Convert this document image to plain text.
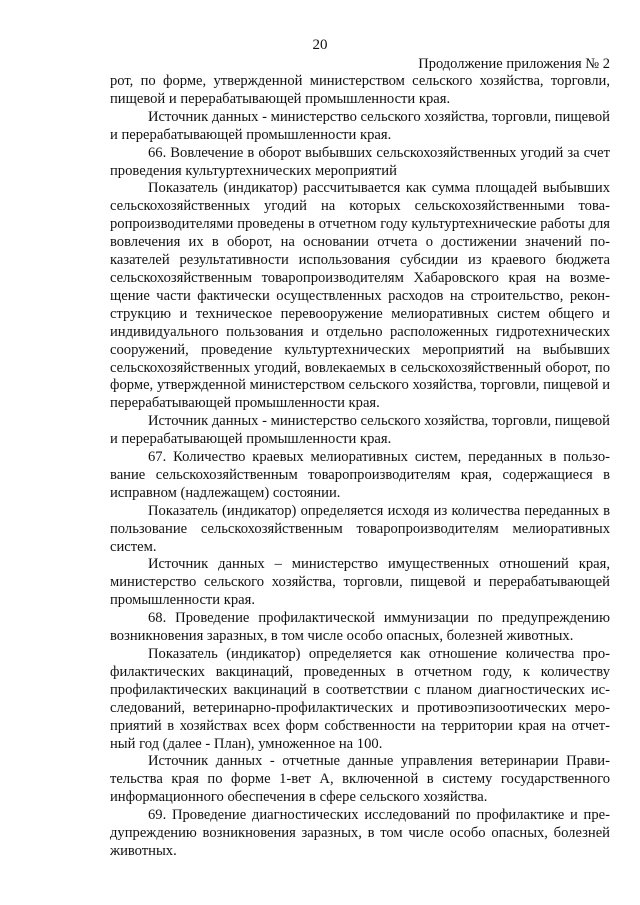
20
Продолжение приложения № 2

рот, по форме, утвержденной министерством сельского хозяйства, торговли, пищевой и перерабатывающей промышленности края.

Источник данных - министерство сельского хозяйства, торговли, пищевой и перерабатывающей промышленности края.

66. Вовлечение в оборот выбывших сельскохозяйственных угодий за счет проведения культуртехнических мероприятий

Показатель (индикатор) рассчитывается как сумма площадей выбывших сельскохозяйственных угодий на которых сельскохозяйственными товаропроизводителями проведены в отчетном году культуртехнические работы для вовлечения их в оборот, на основании отчета о достижении значений показателей результативности использования субсидии из краевого бюджета сельскохозяйственным товаропроизводителям Хабаровского края на возмещение части фактически осуществленных расходов на строительство, реконструкцию и техническое перевооружение мелиоративных систем общего и индивидуального пользования и отдельно расположенных гидротехнических сооружений, проведение культуртехнических мероприятий на выбывших сельскохозяйственных угодий, вовлекаемых в сельскохозяйственный оборот, по форме, утвержденной министерством сельского хозяйства, торговли, пищевой и перерабатывающей промышленности края.

Источник данных - министерство сельского хозяйства, торговли, пищевой и перерабатывающей промышленности края.

67. Количество краевых мелиоративных систем, переданных в пользование сельскохозяйственным товаропроизводителям края, содержащиеся в исправном (надлежащем) состоянии.

Показатель (индикатор) определяется исходя из количества переданных в пользование сельскохозяйственным товаропроизводителям мелиоративных систем.

Источник данных – министерство имущественных отношений края, министерство сельского хозяйства, торговли, пищевой и перерабатывающей промышленности края.

68. Проведение профилактической иммунизации по предупреждению возникновения заразных, в том числе особо опасных, болезней животных.

Показатель (индикатор) определяется как отношение количества профилактических вакцинаций, проведенных в отчетном году, к количеству профилактических вакцинаций в соответствии с планом диагностических исследований, ветеринарно-профилактических и противоэпизоотических мероприятий в хозяйствах всех форм собственности на территории края на отчетный год (далее - План), умноженное на 100.

Источник данных - отчетные данные управления ветеринарии Правительства края по форме 1-вет А, включенной в систему государственного информационного обеспечения в сфере сельского хозяйства.

69. Проведение диагностических исследований по профилактике и предупреждению возникновения заразных, в том числе особо опасных, болезней животных.
